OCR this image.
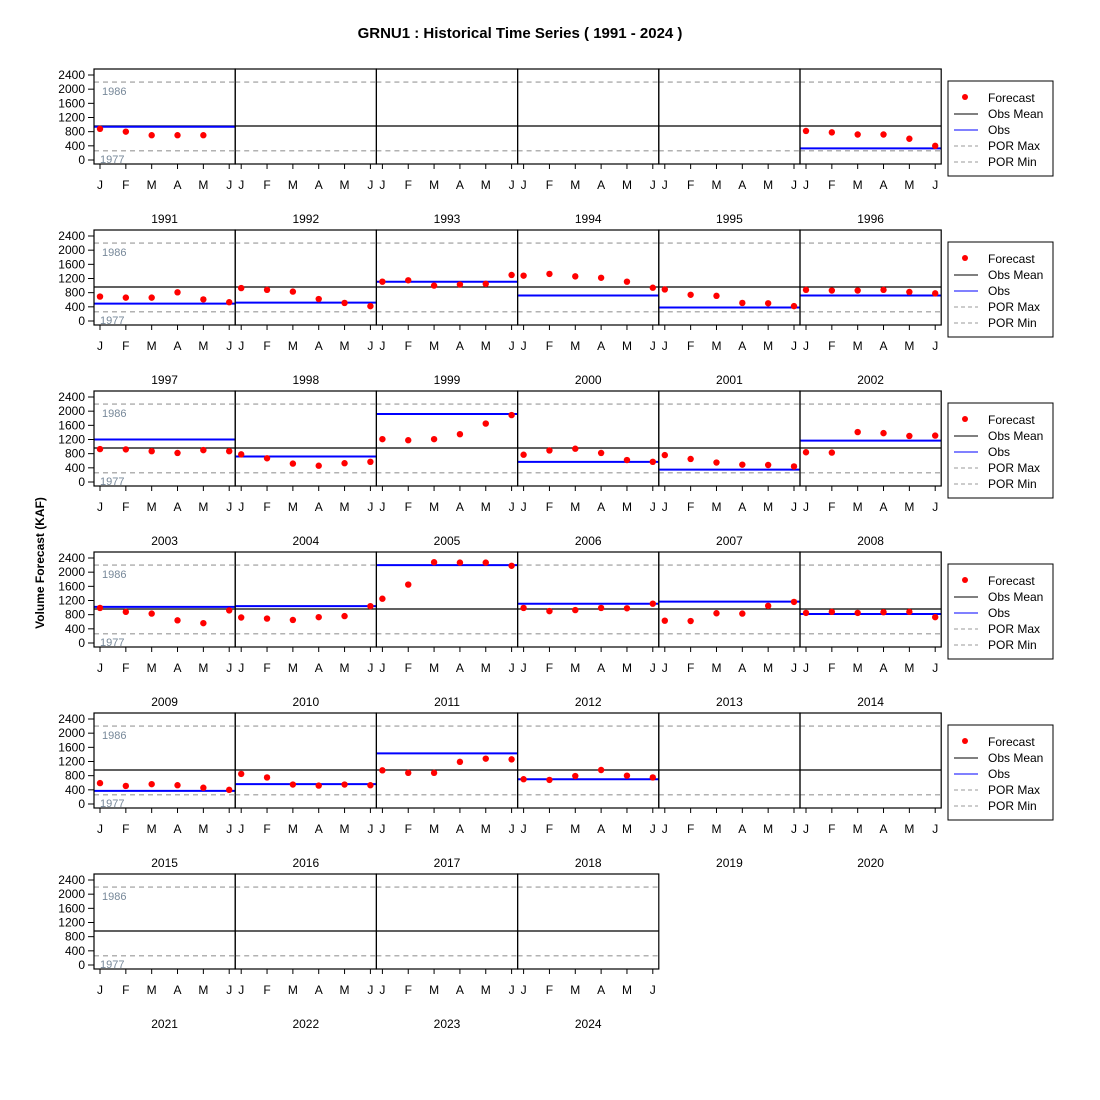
GRNU1 : Historical Time Series ( 1991 - 2024 )
Volume Forecast (KAF)
1986
1977
0
400
800
1200
1600
2000
2400
J F M A M J
1991
J F M A M J
1992
J F M A M J
1993
J F M A M J
1994
J F M A M J
1995
J F M A M J
1996
1986
1977
0
400
800
1200
1600
2000
2400
J F M A M J
1997
J F M A M J
1998
J F M A M J
1999
J F M A M J
2000
J F M A M J
2001
J F M A M J
2002
1986
1977
0
400
800
1200
1600
2000
2400
J F M A M J
2003
J F M A M J
2004
J F M A M J
2005
J F M A M J
2006
J F M A M J
2007
J F M A M J
2008
1986
1977
0
400
800
1200
1600
2000
2400
J F M A M J
2009
J F M A M J
2010
J F M A M J
2011
J F M A M J
2012
J F M A M J
2013
J F M A M J
2014
1986
1977
0
400
800
1200
1600
2000
2400
J F M A M J
2015
J F M A M J
2016
J F M A M J
2017
J F M A M J
2018
J F M A M J
2019
J F M A M J
2020
1986
1977
0
400
800
1200
1600
2000
2400
J F M A M J
2021
J F M A M J
2022
J F M A M J
2023
J F M A M J
2024
Forecast
Obs Mean
Obs
POR Max
POR Min
Forecast
Obs Mean
Obs
POR Max
POR Min
Forecast
Obs Mean
Obs
POR Max
POR Min
Forecast
Obs Mean
Obs
POR Max
POR Min
Forecast
Obs Mean
Obs
POR Max
POR Min
